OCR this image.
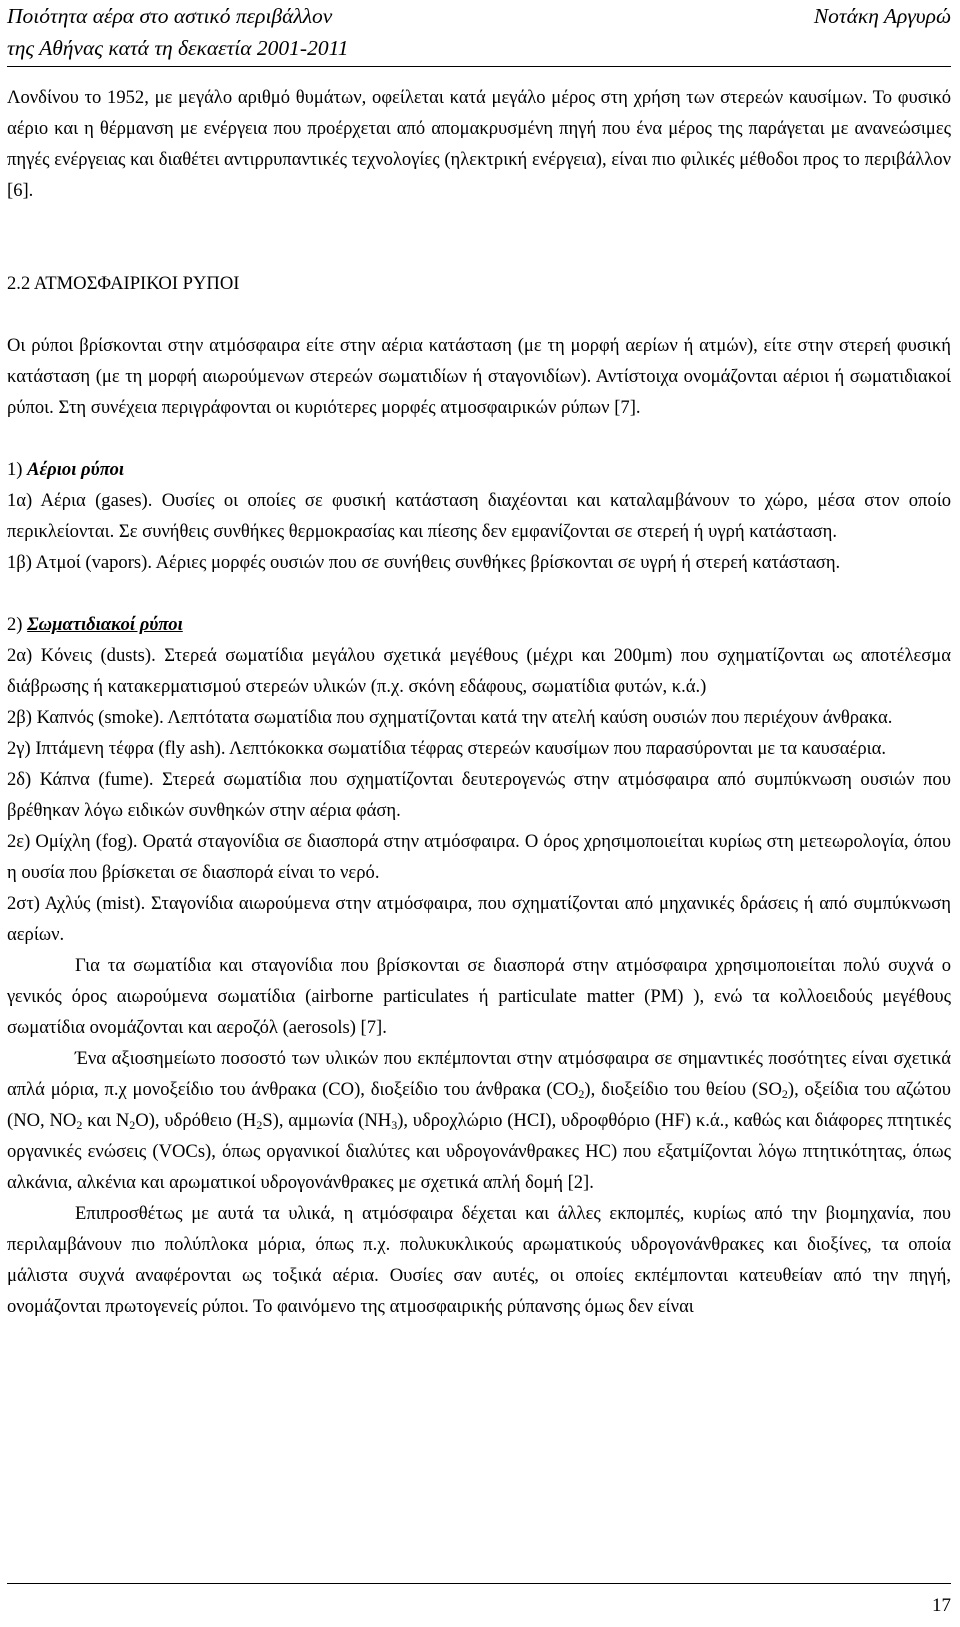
Ποιότητα αέρα στο αστικό περιβάλλον
της Αθήνας κατά τη δεκαετία 2001-2011
Νοτάκη Αργυρώ

Λονδίνου το 1952, με μεγάλο αριθμό θυμάτων, οφείλεται κατά μεγάλο μέρος στη χρήση των στερεών καυσίμων. Το φυσικό αέριο και η θέρμανση με ενέργεια που προέρχεται από απομακρυσμένη πηγή που ένα μέρος της παράγεται με ανανεώσιμες πηγές ενέργειας και διαθέτει αντιρρυπαντικές τεχνολογίες (ηλεκτρική ενέργεια), είναι πιο φιλικές μέθοδοι προς το περιβάλλον [6].

2.2 ΑΤΜΟΣΦΑΙΡΙΚΟΙ ΡΥΠΟΙ

Οι ρύποι βρίσκονται στην ατμόσφαιρα είτε στην αέρια κατάσταση (με τη μορφή αερίων ή ατμών), είτε στην στερεή φυσική κατάσταση (με τη μορφή αιωρούμενων στερεών σωματιδίων ή σταγονιδίων). Αντίστοιχα ονομάζονται αέριοι ή σωματιδιακοί ρύποι. Στη συνέχεια περιγράφονται οι κυριότερες μορφές ατμοσφαιρικών ρύπων [7].

1) Αέριοι ρύποι

1α) Αέρια (gases). Ουσίες οι οποίες σε φυσική κατάσταση διαχέονται και καταλαμβάνουν το χώρο, μέσα στον οποίο περικλείονται. Σε συνήθεις συνθήκες θερμοκρασίας και πίεσης δεν εμφανίζονται σε στερεή ή υγρή κατάσταση.

1β) Ατμοί (vapors). Αέριες μορφές ουσιών που σε συνήθεις συνθήκες βρίσκονται σε υγρή ή στερεή κατάσταση.

2) Σωματιδιακοί ρύποι

2α) Κόνεις (dusts). Στερεά σωματίδια μεγάλου σχετικά μεγέθους (μέχρι και 200μm) που σχηματίζονται ως αποτέλεσμα διάβρωσης ή κατακερματισμού στερεών υλικών (π.χ. σκόνη εδάφους, σωματίδια φυτών, κ.ά.)

2β) Καπνός (smoke). Λεπτότατα σωματίδια που σχηματίζονται κατά την ατελή καύση ουσιών που περιέχουν άνθρακα.

2γ) Ιπτάμενη τέφρα (fly ash). Λεπτόκοκκα σωματίδια τέφρας στερεών καυσίμων που παρασύρονται με τα καυσαέρια.

2δ) Κάπνα (fume). Στερεά σωματίδια που σχηματίζονται δευτερογενώς στην ατμόσφαιρα από συμπύκνωση ουσιών που βρέθηκαν λόγω ειδικών συνθηκών στην αέρια φάση.

2ε) Ομίχλη (fog). Ορατά σταγονίδια σε διασπορά στην ατμόσφαιρα. Ο όρος χρησιμοποιείται κυρίως στη μετεωρολογία, όπου η ουσία που βρίσκεται σε διασπορά είναι το νερό.

2στ) Αχλύς (mist). Σταγονίδια αιωρούμενα στην ατμόσφαιρα, που σχηματίζονται από μηχανικές δράσεις ή από συμπύκνωση αερίων.

Για τα σωματίδια και σταγονίδια που βρίσκονται σε διασπορά στην ατμόσφαιρα χρησιμοποιείται πολύ συχνά ο γενικός όρος αιωρούμενα σωματίδια (airborne particulates ή particulate matter (PM) ), ενώ τα κολλοειδούς μεγέθους σωματίδια ονομάζονται και αεροζόλ (aerosols) [7].

Ένα αξιοσημείωτο ποσοστό των υλικών που εκπέμπονται στην ατμόσφαιρα σε σημαντικές ποσότητες είναι σχετικά απλά μόρια, π.χ μονοξείδιο του άνθρακα (CO), διοξείδιο του άνθρακα $(CO_2)$, διοξείδιο του θείου $(SO_2)$, οξείδια του αζώτου (NO, $NO_2$ και $N_2O$), υδρόθειο $(H_2S)$, αμμωνία $(NH_3)$, υδροχλώριο (HCI), υδροφθόριο (HF) κ.ά., καθώς και διάφορες πτητικές οργανικές ενώσεις (VOCs), όπως οργανικοί διαλύτες και υδρογονάνθρακες HC) που εξατμίζονται λόγω πτητικότητας, όπως αλκάνια, αλκένια και αρωματικοί υδρογονάνθρακες με σχετικά απλή δομή [2].

Επιπροσθέτως με αυτά τα υλικά, η ατμόσφαιρα δέχεται και άλλες εκπομπές, κυρίως από την βιομηχανία, που περιλαμβάνουν πιο πολύπλοκα μόρια, όπως π.χ. πολυκυκλικούς αρωματικούς υδρογονάνθρακες και διοξίνες, τα οποία μάλιστα συχνά αναφέρονται ως τοξικά αέρια. Ουσίες σαν αυτές, οι οποίες εκπέμπονται κατευθείαν από την πηγή, ονομάζονται πρωτογενείς ρύποι. Το φαινόμενο της ατμοσφαιρικής ρύπανσης όμως δεν είναι

17
